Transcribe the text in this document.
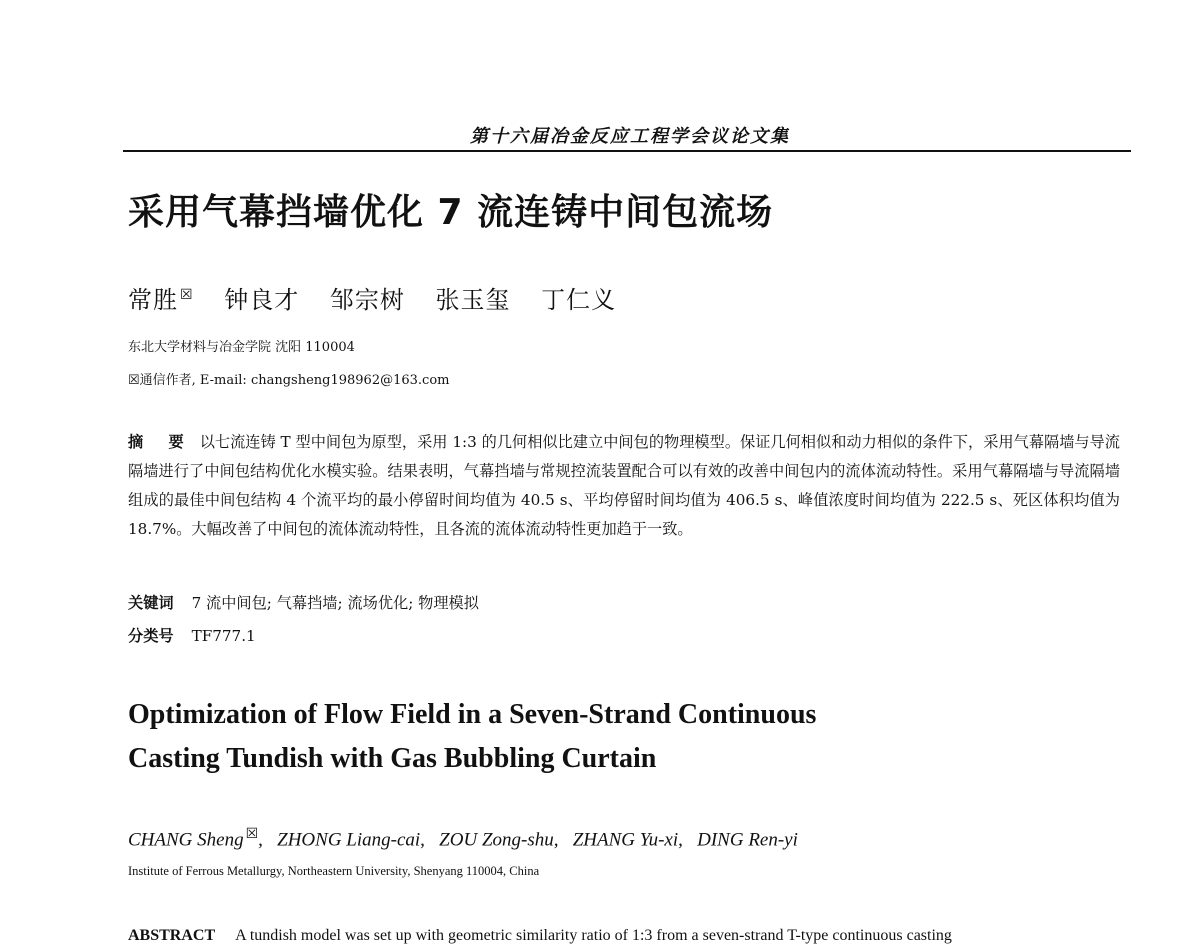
第十六届冶金反应工程学会议论文集
采用气幕挡墙优化 7 流连铸中间包流场
常胜 ☒ 钟良才 邹宗树 张玉玺 丁仁义
东北大学材料与冶金学院 沈阳 110004
☒通信作者, E-mail: changsheng198962@163.com
摘 要 以七流连铸 T 型中间包为原型，采用 1:3 的几何相似比建立中间包的物理模型。保证几何相似和动力相似的条件下，采用气幕隔墙与导流隔墙进行了中间包结构优化水模实验。结果表明，气幕挡墙与常规控流装置配合可以有效的改善中间包内的流体流动特性。采用气幕隔墙与导流隔墙组成的最佳中间包结构 4 个流平均的最小停留时间均值为 40.5 s、平均停留时间均值为 406.5 s、峰值浓度时间均值为 222.5 s、死区体积均值为 18.7%。大幅改善了中间包的流体流动特性，且各流的流体流动特性更加趋于一致。
关键词 7 流中间包; 气幕挡墙; 流场优化; 物理模拟
分类号 TF777.1
Optimization of Flow Field in a Seven-Strand Continuous
Casting Tundish with Gas Bubbling Curtain
CHANG Sheng ☒,   ZHONG Liang-cai,   ZOU Zong-shu,   ZHANG Yu-xi,   DING Ren-yi
Institute of Ferrous Metallurgy, Northeastern University, Shenyang 110004, China
ABSTRACT A tundish model was set up with geometric similarity ratio of 1:3 from a seven-strand T-type continuous casting
